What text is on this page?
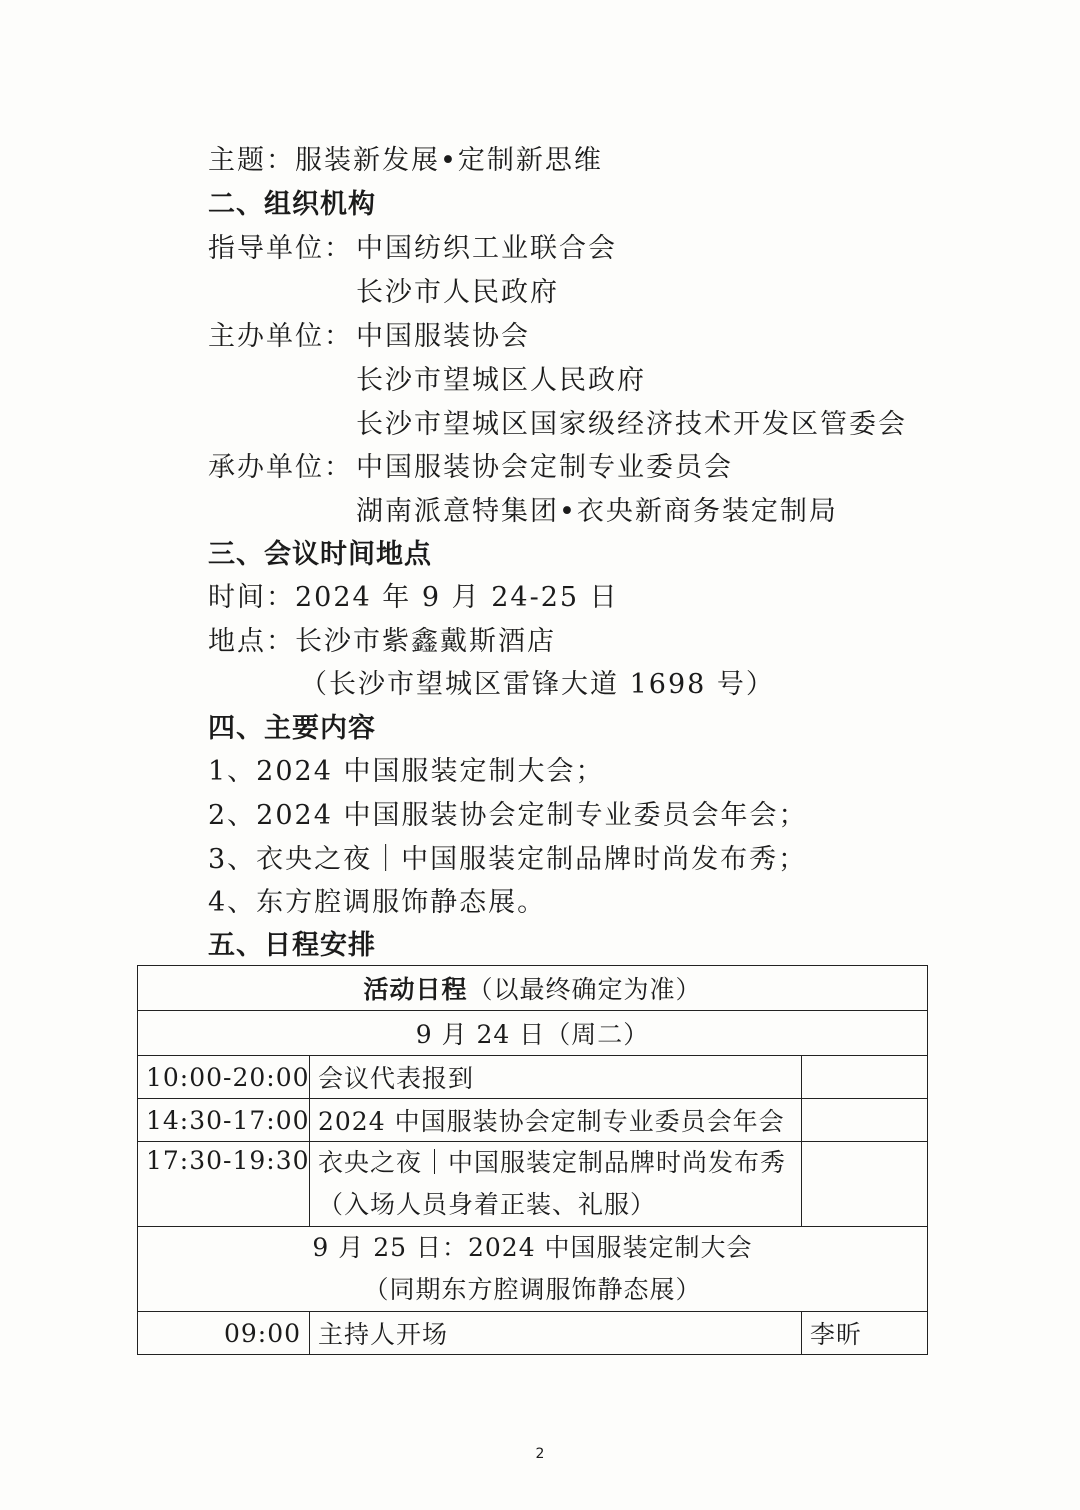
主题：服装新发展•定制新思维
二、组织机构
指导单位： 中国纺织工业联合会
长沙市人民政府
主办单位： 中国服装协会
长沙市望城区人民政府
长沙市望城区国家级经济技术开发区管委会
承办单位： 中国服装协会定制专业委员会
湖南派意特集团•衣央新商务装定制局
三、会议时间地点
时间：2024 年 9 月 24-25 日
地点：长沙市紫鑫戴斯酒店
（长沙市望城区雷锋大道 1698 号）
四、主要内容
1、2024 中国服装定制大会；
2、2024 中国服装协会定制专业委员会年会；
3、衣央之夜｜中国服装定制品牌时尚发布秀；
4、东方腔调服饰静态展。
五、日程安排
活动日程（以最终确定为准）		
9 月 24 日（周二）		
10:00-20:00	会议代表报到	
14:30-17:00	2024 中国服装协会定制专业委员会年会	
17:30-19:30	衣央之夜｜中国服装定制品牌时尚发布秀
（入场人员身着正装、礼服）	

9 月 25 日：2024 中国服装定制大会
（同期东方腔调服饰静态展）		

09:00	主持人开场	李昕
2
